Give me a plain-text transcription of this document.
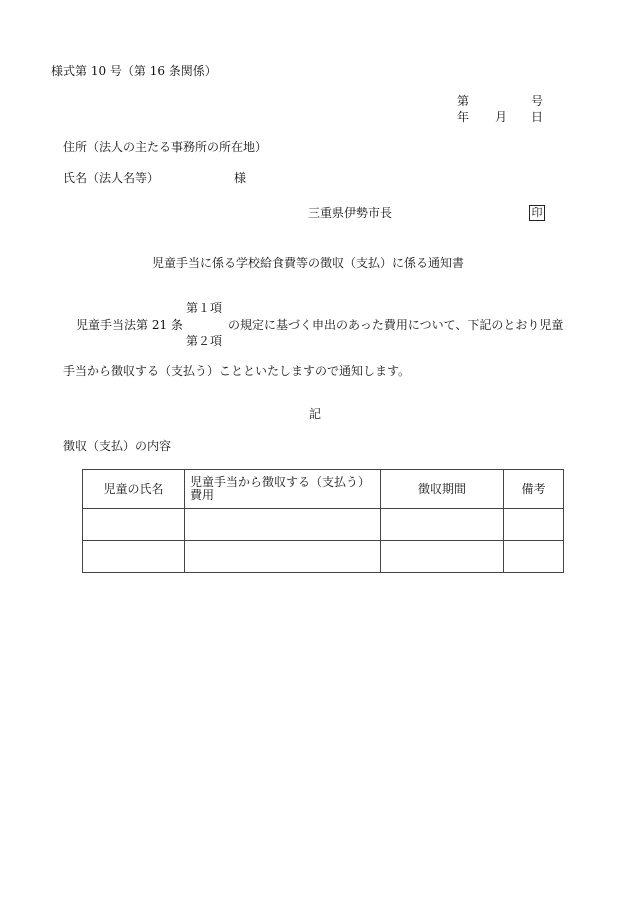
様式第 10 号（第 16 条関係）
第	号
年 月 日
住所（法人の主たる事務所の所在地）
氏名（法人名等）	様
三重県伊勢市長	印
児童手当に係る学校給食費等の徴収（支払）に係る通知書
第１項
児童手当法第 21 条	の規定に基づく申出のあった費用について、下記のとおり児童
第２項
手当から徴収する（支払う）ことといたしますので通知します。
記
徴収（支払）の内容
児童の氏名	児童手当から徴収する（支払う）費用	徴収期間	備考
